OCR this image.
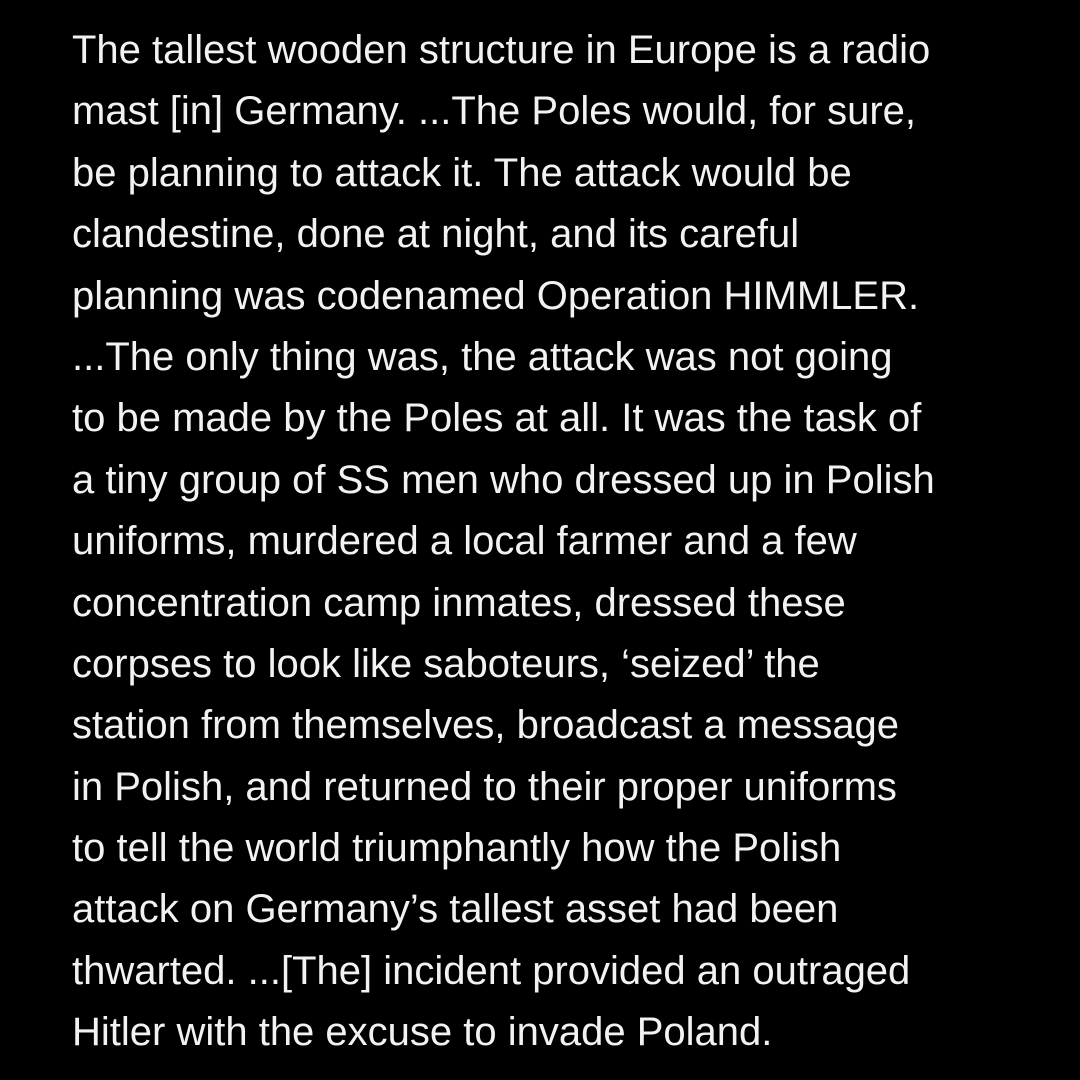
The tallest wooden structure in Europe is a radio
mast [in] Germany. ...The Poles would, for sure,
be planning to attack it. The attack would be
clandestine, done at night, and its careful
planning was codenamed Operation HIMMLER.
...The only thing was, the attack was not going
to be made by the Poles at all. It was the task of
a tiny group of SS men who dressed up in Polish
uniforms, murdered a local farmer and a few
concentration camp inmates, dressed these
corpses to look like saboteurs, ‘seized’ the
station from themselves, broadcast a message
in Polish, and returned to their proper uniforms
to tell the world triumphantly how the Polish
attack on Germany’s tallest asset had been
thwarted. ...[The] incident provided an outraged
Hitler with the excuse to invade Poland.
